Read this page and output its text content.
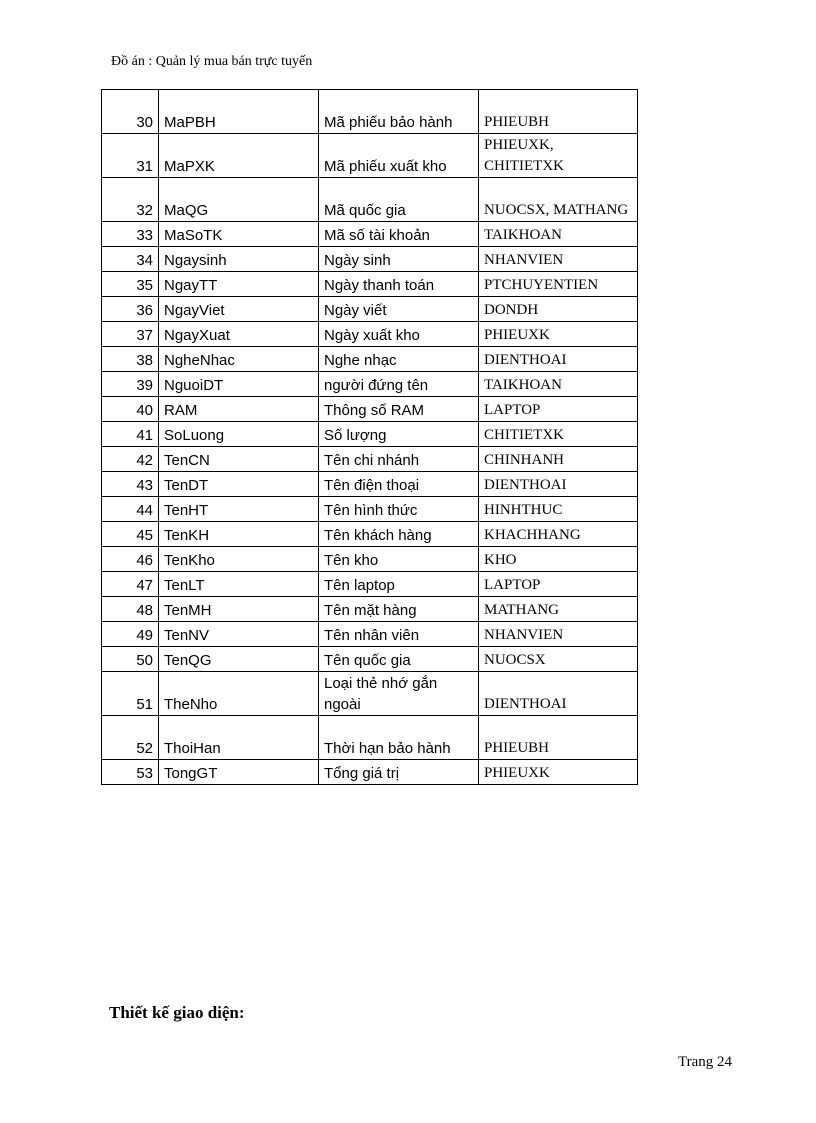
Đồ án : Quản lý mua bán trực tuyến

30	MaPBH	Mã phiếu bảo hành	PHIEUBH
31	MaPXK	Mã phiếu xuất kho	PHIEUXK, CHITIETXK
32	MaQG	Mã quốc gia	NUOCSX, MATHANG
33	MaSoTK	Mã số tài khoản	TAIKHOAN
34	Ngaysinh	Ngày sinh	NHANVIEN
35	NgayTT	Ngày thanh toán	PTCHUYENTIEN
36	NgayViet	Ngày viết	DONDH
37	NgayXuat	Ngày xuất kho	PHIEUXK
38	NgheNhac	Nghe nhạc	DIENTHOAI
39	NguoiDT	người đứng tên	TAIKHOAN
40	RAM	Thông số RAM	LAPTOP
41	SoLuong	Số lượng	CHITIETXK
42	TenCN	Tên chi nhánh	CHINHANH
43	TenDT	Tên điện thoại	DIENTHOAI
44	TenHT	Tên hình thức	HINHTHUC
45	TenKH	Tên khách hàng	KHACHHANG
46	TenKho	Tên kho	KHO
47	TenLT	Tên laptop	LAPTOP
48	TenMH	Tên mặt hàng	MATHANG
49	TenNV	Tên nhân viên	NHANVIEN
50	TenQG	Tên quốc gia	NUOCSX
51	TheNho	Loại thẻ nhớ gắn ngoài	DIENTHOAI
52	ThoiHan	Thời hạn bảo hành	PHIEUBH
53	TongGT	Tổng giá trị	PHIEUXK

Thiết kế giao diện:

Trang 24
